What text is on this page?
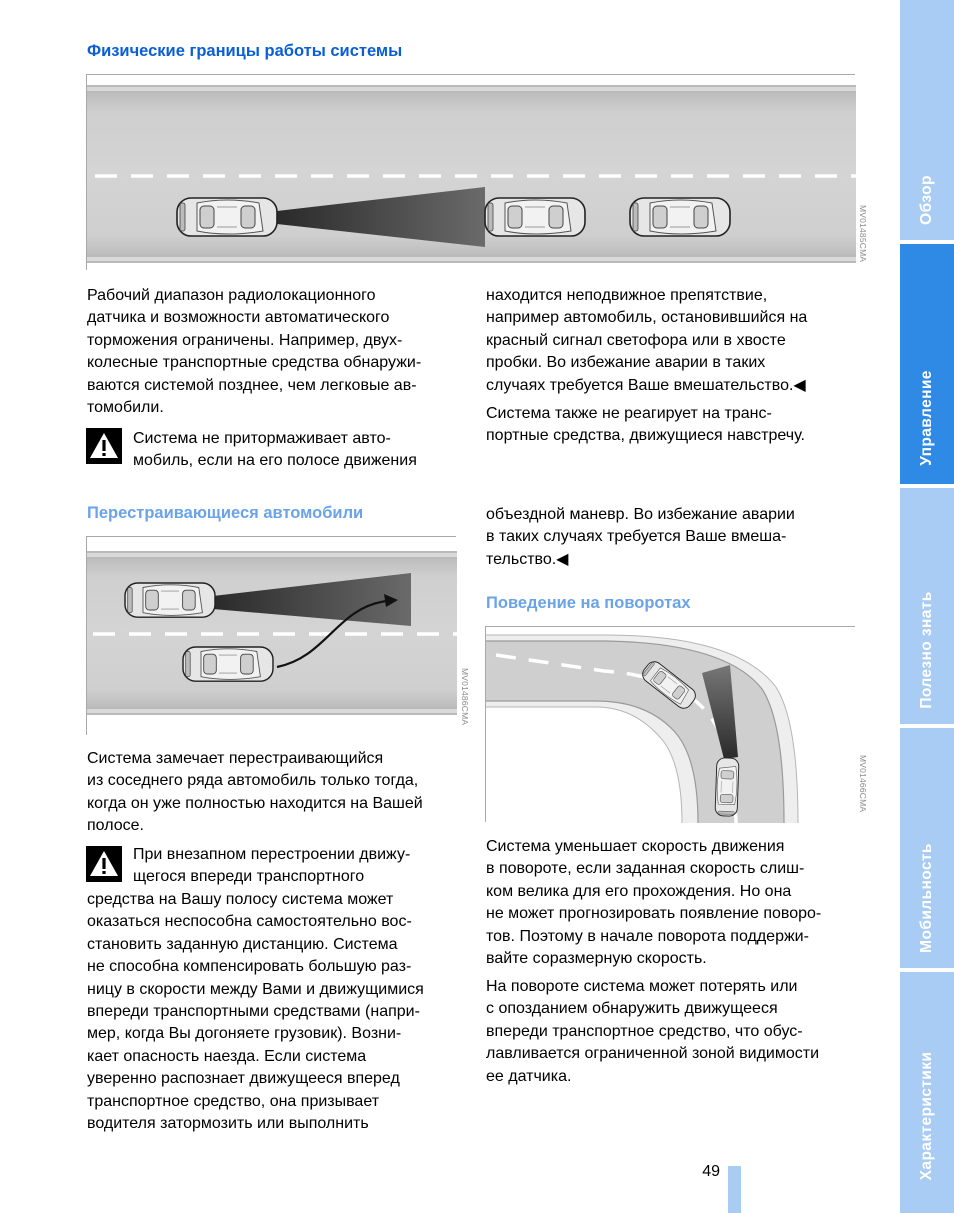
Физические границы работы системы
MV01485CMA

Рабочий диапазон радиолокационного
датчика и возможности автоматического
торможения ограничены. Например, двух-
колесные транспортные средства обнаружи-
ваются системой позднее, чем легковые ав-
томобили.

Система не притормаживает авто-
мобиль, если на его полосе движения

находится неподвижное препятствие,
например автомобиль, остановившийся на
красный сигнал светофора или в хвосте
пробки. Во избежание аварии в таких
случаях требуется Ваше вмешательство.◀

Система также не реагирует на транс-
портные средства, движущиеся навстречу.

Перестраивающиеся автомобили
MV01486CMA

Система замечает перестраивающийся
из соседнего ряда автомобиль только тогда,
когда он уже полностью находится на Вашей
полосе.

При внезапном перестроении движу-
щегося впереди транспортного

средства на Вашу полосу система может
оказаться неспособна самостоятельно вос-
становить заданную дистанцию. Система
не способна компенсировать большую раз-
ницу в скорости между Вами и движущимися
впереди транспортными средствами (напри-
мер, когда Вы догоняете грузовик). Возни-
кает опасность наезда. Если система
уверенно распознает движущееся вперед
транспортное средство, она призывает
водителя затормозить или выполнить

объездной маневр. Во избежание аварии
в таких случаях требуется Ваше вмеша-
тельство.◀

Поведение на поворотах
MV01466CMA

Система уменьшает скорость движения
в повороте, если заданная скорость слиш-
ком велика для его прохождения. Но она
не может прогнозировать появление поворо-
тов. Поэтому в начале поворота поддержи-
вайте соразмерную скорость.

На повороте система может потерять или
с опозданием обнаружить движущееся
впереди транспортное средство, что обус-
лавливается ограниченной зоной видимости
ее датчика.

Обзор
Управление
Полезно знать
Мобильность
Характеристики
49
